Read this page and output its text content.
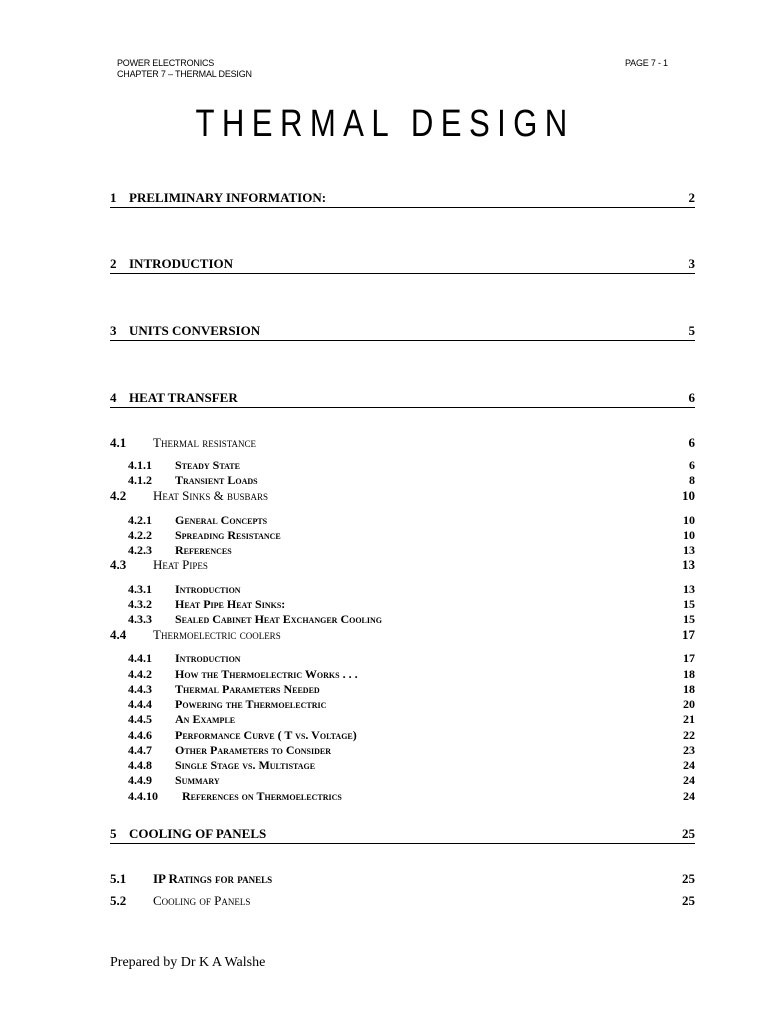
POWER ELECTRONICS
CHAPTER 7 – THERMAL DESIGN
PAGE 7 - 1
THERMAL DESIGN
1 PRELIMINARY INFORMATION:	2
2 INTRODUCTION	3
3 UNITS CONVERSION	5
4 HEAT TRANSFER	6
4.1 Thermal resistance	6
4.1.1 Steady State	6
4.1.2 Transient Loads	8
4.2 Heat Sinks & busbars	10
4.2.1 General Concepts	10
4.2.2 Spreading Resistance	10
4.2.3 References	13
4.3 Heat Pipes	13
4.3.1 Introduction	13
4.3.2 Heat Pipe Heat Sinks:	15
4.3.3 Sealed Cabinet Heat Exchanger Cooling	15
4.4 Thermoelectric coolers	17
4.4.1 Introduction	17
4.4.2 How the Thermoelectric Works . . .	18
4.4.3 Thermal Parameters Needed	18
4.4.4 Powering the Thermoelectric	20
4.4.5 An Example	21
4.4.6 Performance Curve ( T vs. Voltage)	22
4.4.7 Other Parameters to Consider	23
4.4.8 Single Stage vs. Multistage	24
4.4.9 Summary	24
4.4.10 References on Thermoelectrics	24
5 COOLING OF PANELS	25
5.1 IP Ratings for panels	25
5.2 Cooling of Panels	25
Prepared by Dr K A Walshe
